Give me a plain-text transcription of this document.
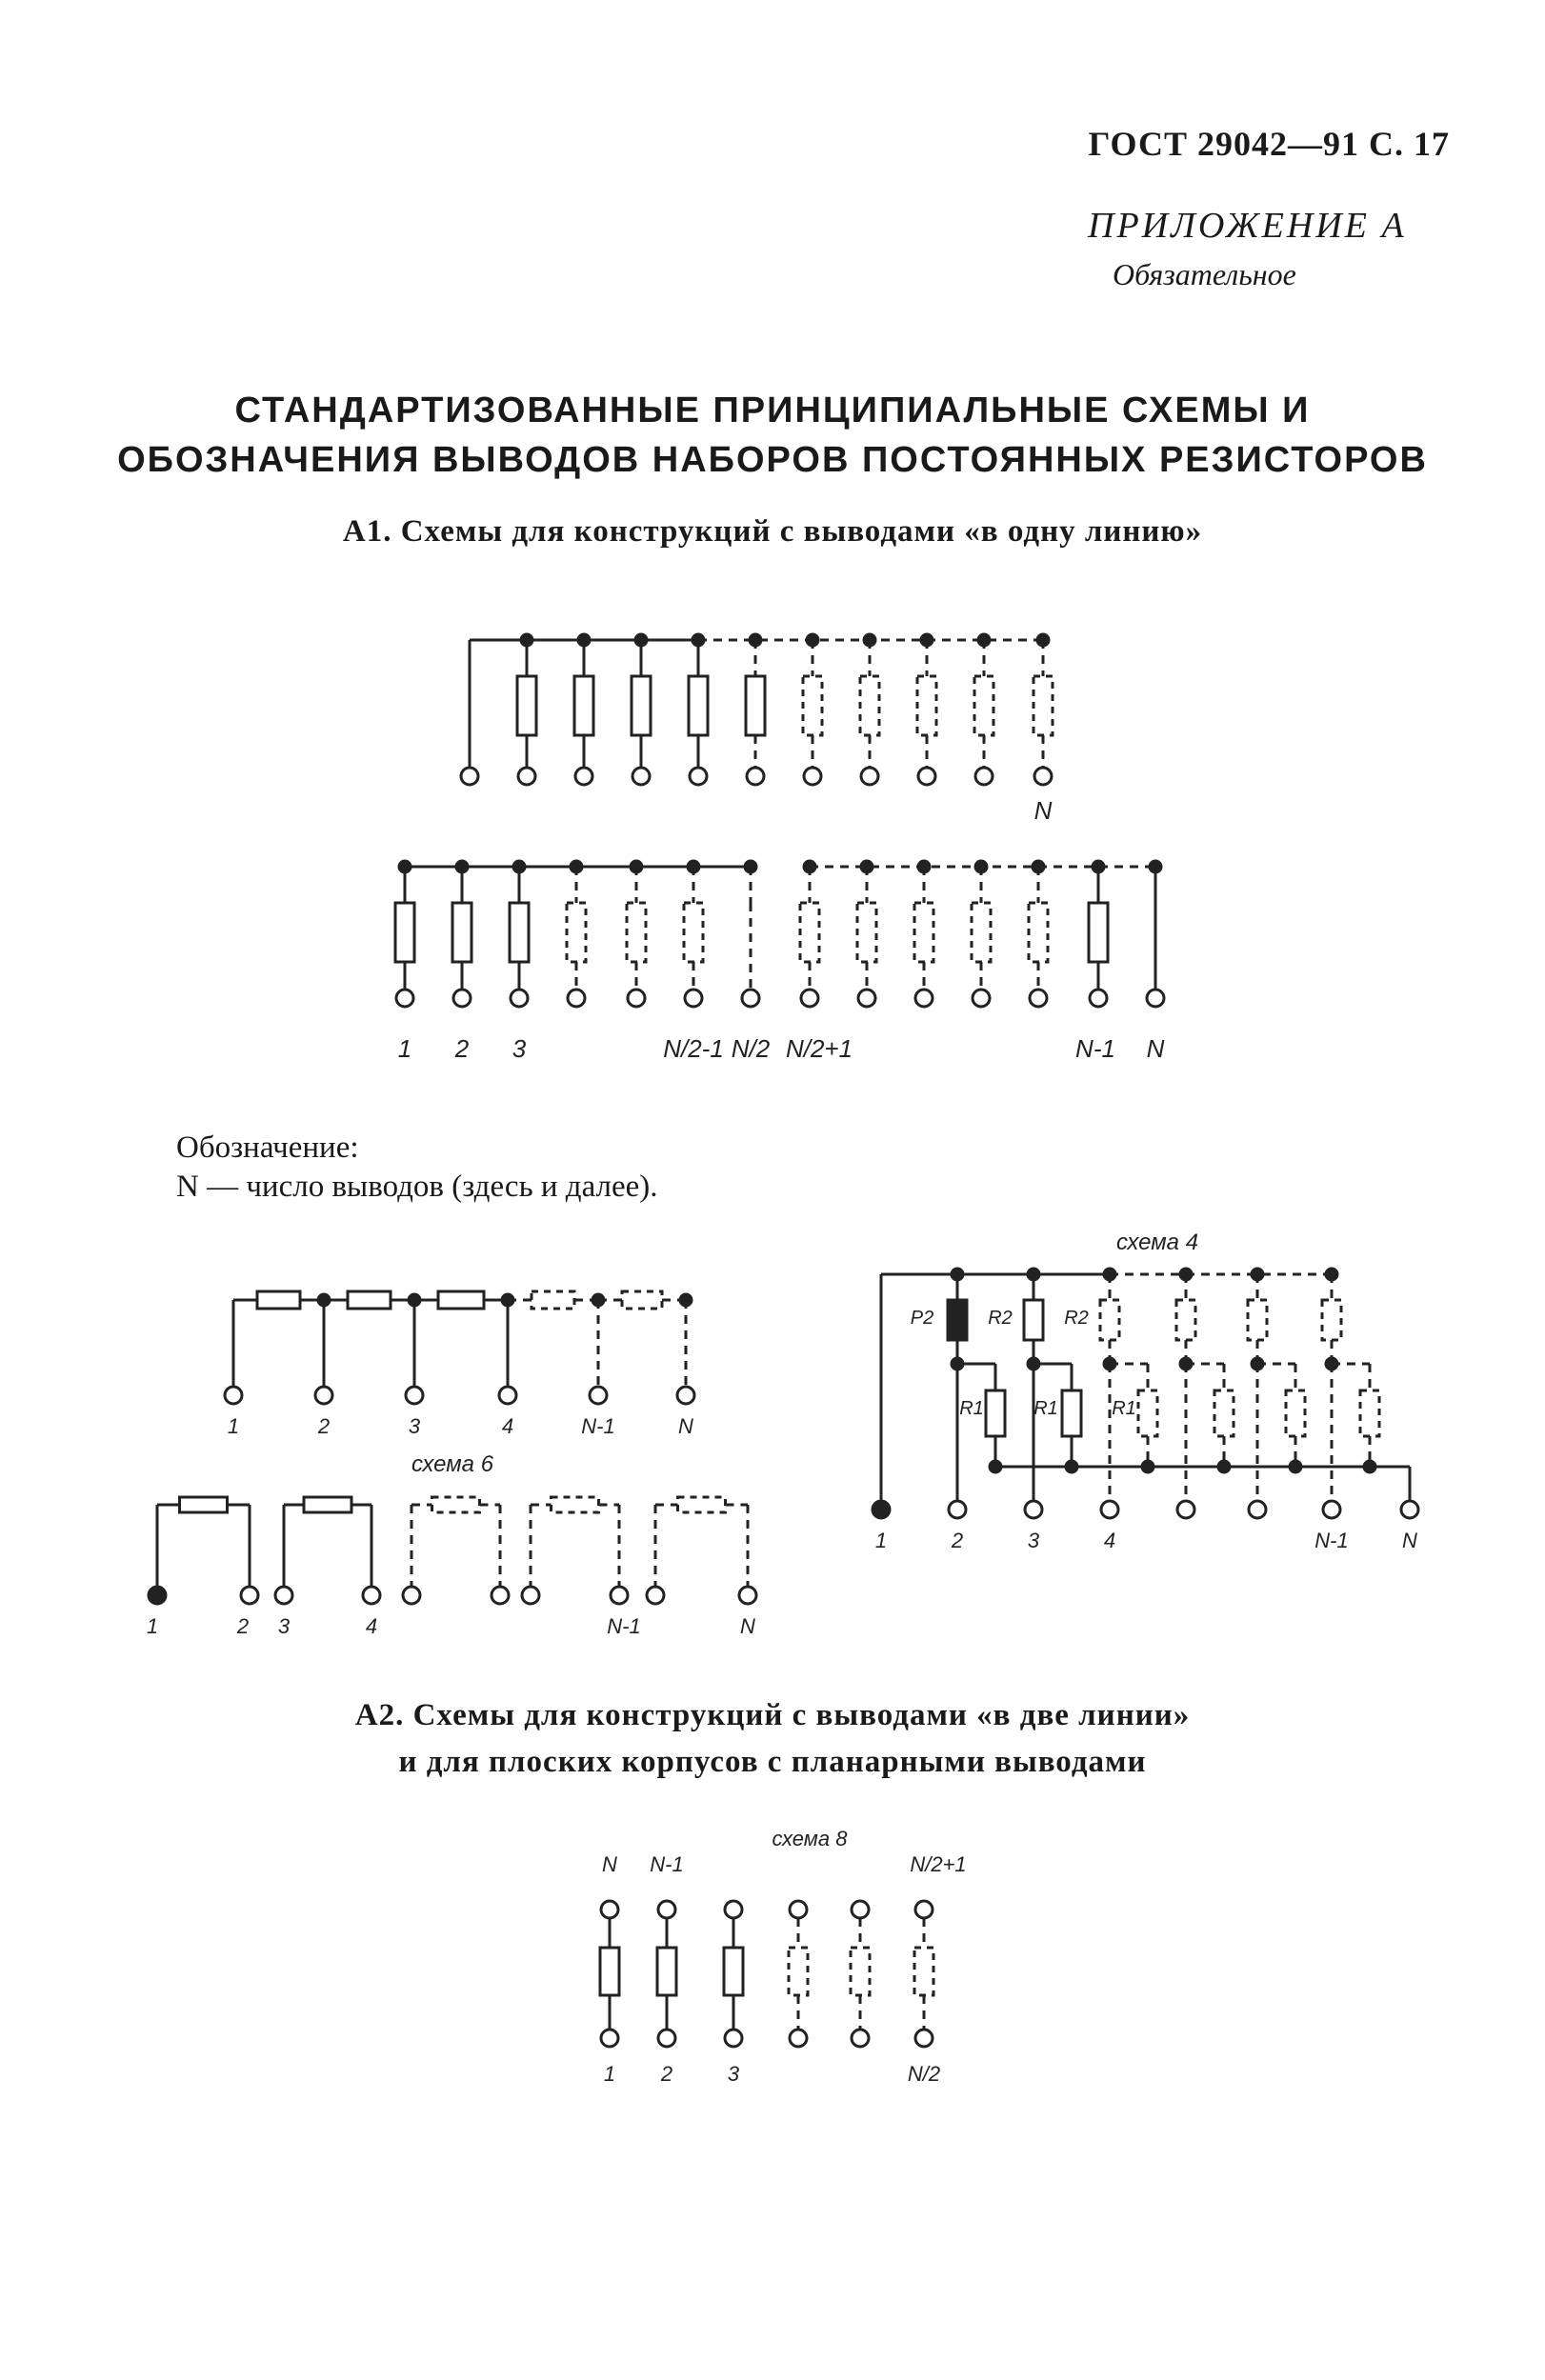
ГОСТ 29042—91 С. 17
ПРИЛОЖЕНИЕ А
Обязательное
СТАНДАРТИЗОВАННЫЕ ПРИНЦИПИАЛЬНЫЕ СХЕМЫ И
ОБОЗНАЧЕНИЯ ВЫВОДОВ НАБОРОВ ПОСТОЯННЫХ РЕЗИСТОРОВ
А1. Схемы для конструкций с выводами «в одну линию»
Обозначение:
N — число выводов (здесь и далее).
А2. Схемы для конструкций с выводами «в две линии»
и для плоских корпусов с планарными выводами
N
1 2 3	N/2-1 N/2 N/2+1	N-1 N
1	2	3	4	N-1	N
схема 4
P2	R2	R2
R1	R1	R1
1	2	3	4	N-1	N
схема 6
1	2 3	4	N-1	N
схема 8
N N-1	N/2+1
1 2	3	N/2
